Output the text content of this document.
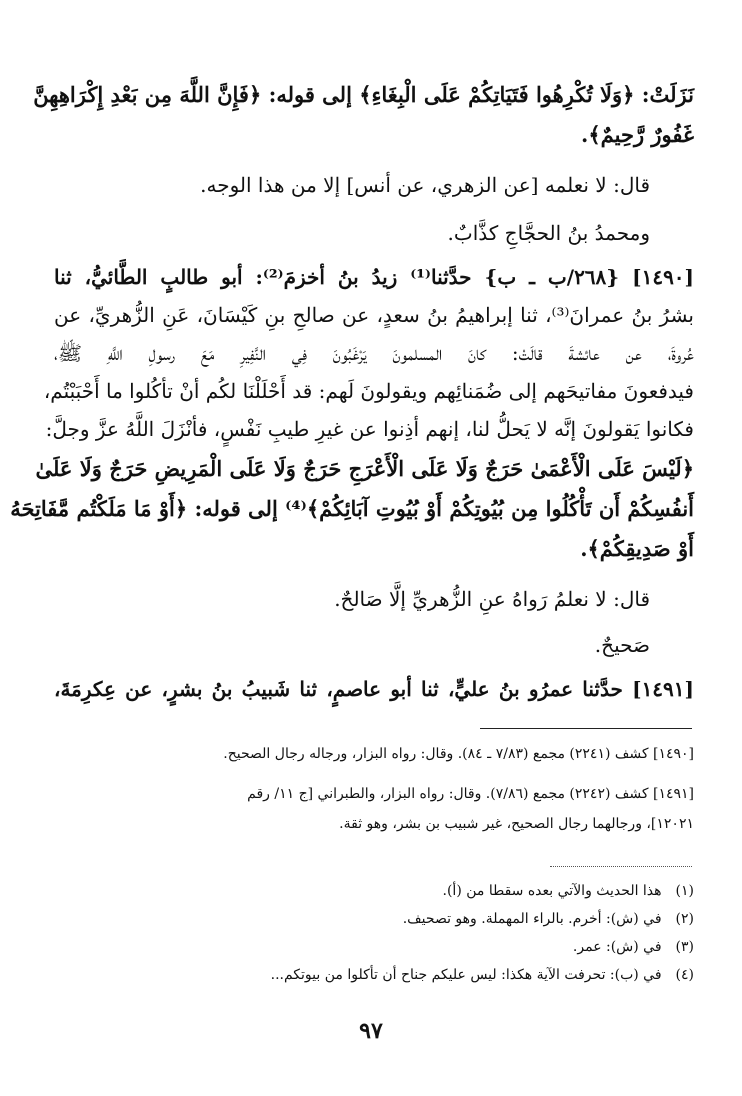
نَزَلَتْ: ﴿وَلَا تُكْرِهُوا فَتَيَاتِكُمْ عَلَى الْبِغَاءِ﴾ إلى قوله: ﴿فَإِنَّ اللَّهَ مِن بَعْدِ إِكْرَاهِهِنَّ
غَفُورٌ رَّحِيمٌ﴾.
قال: لا نعلمه [عن الزهري، عن أنس] إلا من هذا الوجه.
ومحمدُ بنُ الحجَّاجِ كذَّابٌ.
[١٤٩٠] {٢٦٨/ب ـ ب} حدَّثنا⁽¹⁾ زيدُ بنُ أخزمَ⁽²⁾: أبو طالبٍ الطَّائيُّ، ثنا
بشرُ بنُ عمرانَ⁽³⁾، ثنا إبراهيمُ بنُ سعدٍ، عن صالحِ بنِ كَيْسَانَ، عَنِ الزُّهريِّ، عن
عُروةَ، عن عائشةَ قالَتْ: كانَ المسلمونَ يَرْغَبُونَ فِي النَّفِيرِ مَعَ رسولِ اللَّهِ ﷺ،
فيدفعونَ مفاتيحَهم إلى ضُمَنائِهم ويقولونَ لَهم: قد أَحْلَلْنَا لكُم أنْ تأكُلوا ما أَحْبَبْتُم،
فكانوا يَقولونَ إنَّه لا يَحلُّ لنا، إنهم أذِنوا عن غيرِ طيبِ نَفْسٍ، فأنْزَلَ اللَّهُ عزَّ وجلَّ:
﴿لَيْسَ عَلَى الْأَعْمَىٰ حَرَجٌ وَلَا عَلَى الْأَعْرَجِ حَرَجٌ وَلَا عَلَى الْمَرِيضِ حَرَجٌ وَلَا عَلَىٰ
أَنفُسِكُمْ أَن تَأْكُلُوا مِن بُيُوتِكُمْ أَوْ بُيُوتِ آبَائِكُمْ﴾⁽⁴⁾ إلى قوله: ﴿أَوْ مَا مَلَكْتُم مَّفَاتِحَهُ
أَوْ صَدِيقِكُمْ﴾.
قال: لا نعلمُ رَواهُ عنِ الزُّهريِّ إلَّا صَالحٌ.
صَحيحٌ.
[١٤٩١] حدَّثنا عمرُو بنُ عليٍّ، ثنا أبو عاصمٍ، ثنا شَبيبُ بنُ بشرٍ، عن عِكرِمَةَ،
[١٤٩٠] كشف (٢٢٤١) مجمع (٧/٨٣ ـ ٨٤). وقال: رواه البزار، ورجاله رجال الصحيح.
[١٤٩١] كشف (٢٢٤٢) مجمع (٧/٨٦). وقال: رواه البزار، والطبراني [ج ١١/ رقم
١٢٠٢١]، ورجالهما رجال الصحيح، غير شبيب بن بشر، وهو ثقة.
(١) هذا الحديث والآتي بعده سقطا من (أ).
(٢) في (ش): أخرم. بالراء المهملة. وهو تصحيف.
(٣) في (ش): عمر.
(٤) في (ب): تحرفت الآية هكذا: ليس عليكم جناح أن تأكلوا من بيوتكم...
٩٧
